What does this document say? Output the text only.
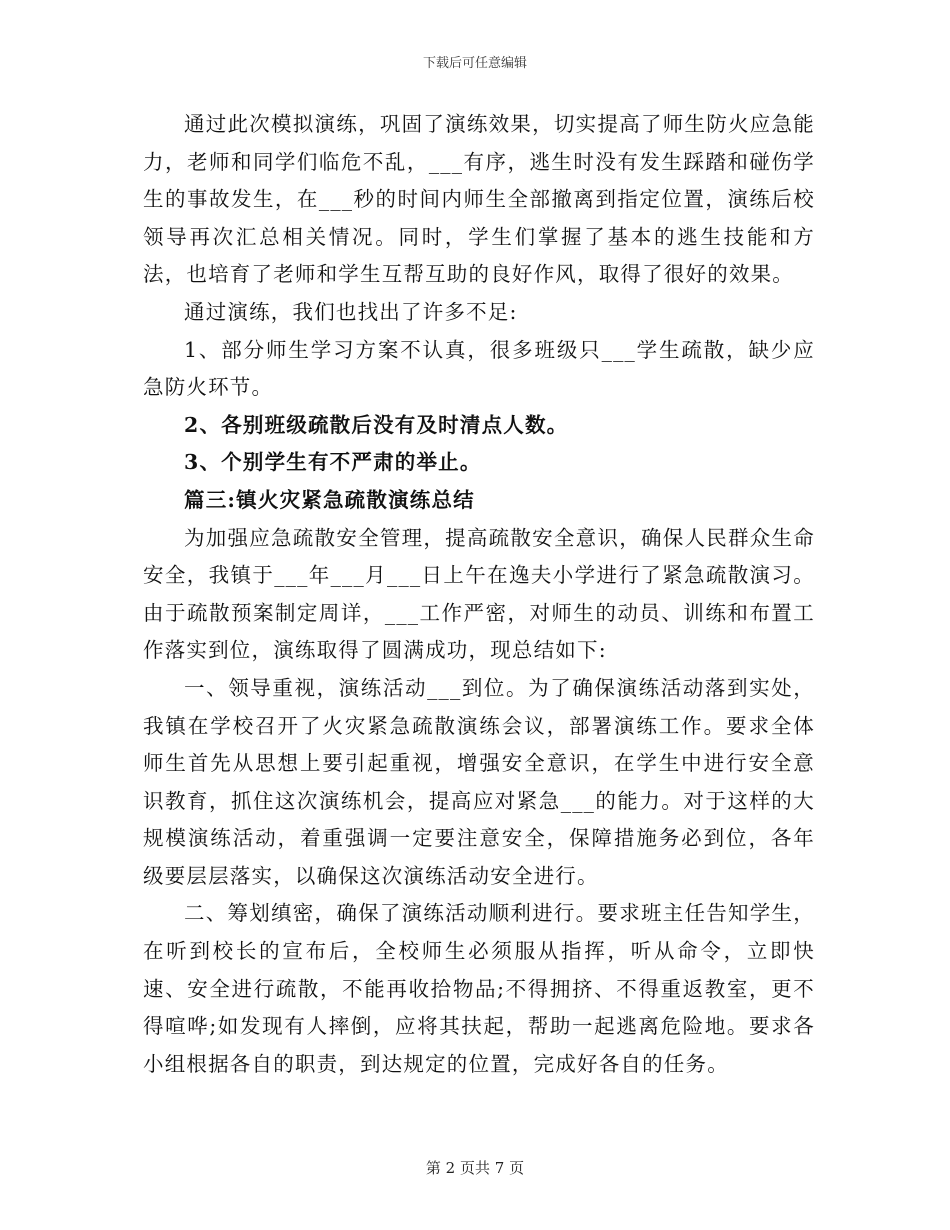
下载后可任意编辑

通过此次模拟演练，巩固了演练效果，切实提高了师生防火应急能力，老师和同学们临危不乱，___有序，逃生时没有发生踩踏和碰伤学生的事故发生，在___秒的时间内师生全部撤离到指定位置，演练后校领导再次汇总相关情况。同时，学生们掌握了基本的逃生技能和方法，也培育了老师和学生互帮互助的良好作风，取得了很好的效果。

通过演练，我们也找出了许多不足:

1、部分师生学习方案不认真，很多班级只___学生疏散，缺少应急防火环节。

2、各别班级疏散后没有及时清点人数。

3、个别学生有不严肃的举止。

篇三:镇火灾紧急疏散演练总结

为加强应急疏散安全管理，提高疏散安全意识，确保人民群众生命安全，我镇于___年___月___日上午在逸夫小学进行了紧急疏散演习。由于疏散预案制定周详，___工作严密，对师生的动员、训练和布置工作落实到位，演练取得了圆满成功，现总结如下:

一、领导重视，演练活动___到位。为了确保演练活动落到实处，我镇在学校召开了火灾紧急疏散演练会议，部署演练工作。要求全体师生首先从思想上要引起重视，增强安全意识，在学生中进行安全意识教育，抓住这次演练机会，提高应对紧急___的能力。对于这样的大规模演练活动，着重强调一定要注意安全，保障措施务必到位，各年级要层层落实，以确保这次演练活动安全进行。

二、筹划缜密，确保了演练活动顺利进行。要求班主任告知学生，在听到校长的宣布后，全校师生必须服从指挥，听从命令，立即快速、安全进行疏散，不能再收拾物品;不得拥挤、不得重返教室，更不得喧哗;如发现有人摔倒，应将其扶起，帮助一起逃离危险地。要求各小组根据各自的职责，到达规定的位置，完成好各自的任务。

第 2 页共 7 页
